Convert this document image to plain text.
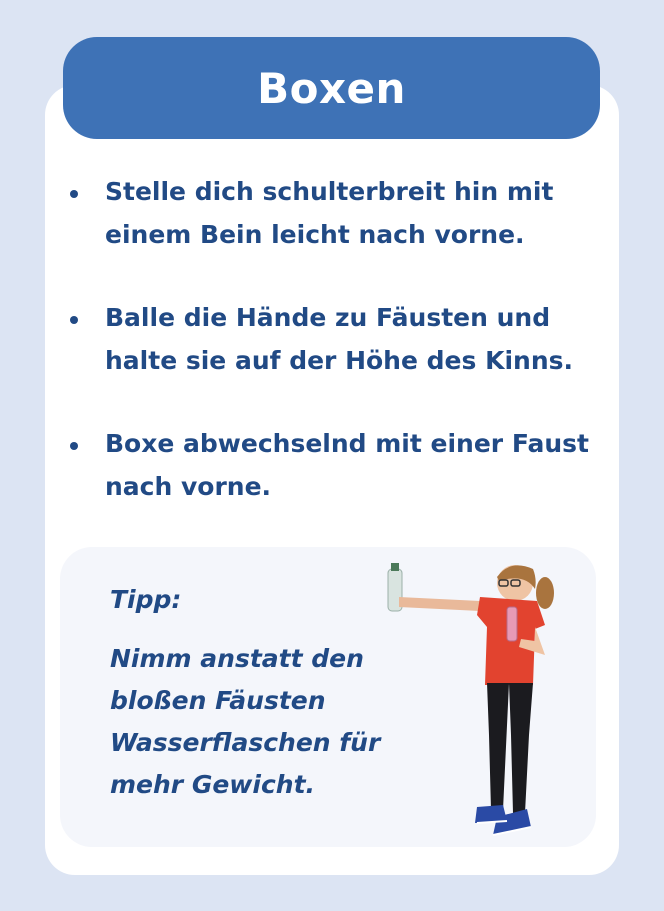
Boxen
Stelle dich schulterbreit hin mit einem Bein leicht nach vorne.
Balle die Hände zu Fäusten und halte sie auf der Höhe des Kinns.
Boxe abwechselnd mit einer Faust nach vorne.
Tipp:
Nimm anstatt den bloßen Fäusten Wasserflaschen für mehr Gewicht.
